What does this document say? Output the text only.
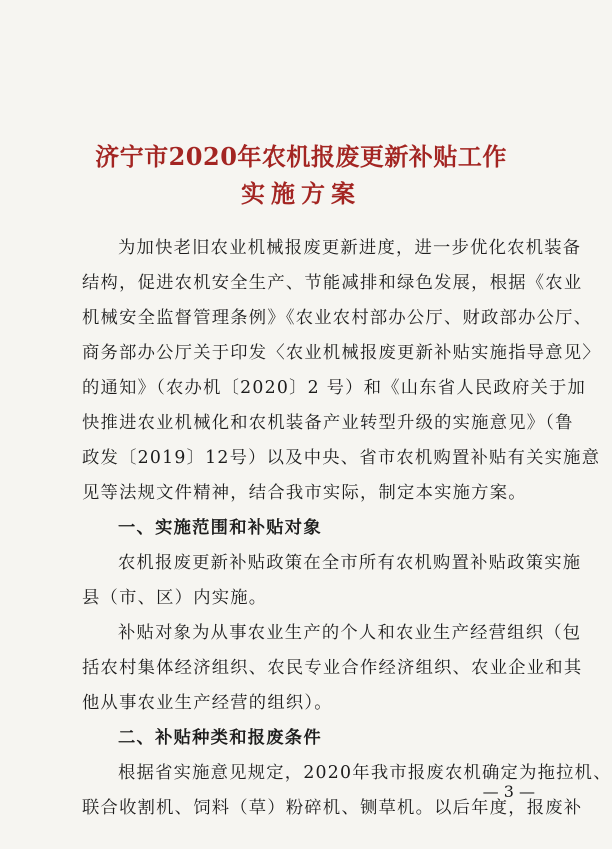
济宁市2020年农机报废更新补贴工作
实施方案
为加快老旧农业机械报废更新进度，进一步优化农机装备
结构，促进农机安全生产、节能减排和绿色发展，根据《农业
机械安全监督管理条例》《农业农村部办公厅、财政部办公厅、
商务部办公厅关于印发〈农业机械报废更新补贴实施指导意见〉
的通知》（农办机〔2020〕2 号）和《山东省人民政府关于加
快推进农业机械化和农机装备产业转型升级的实施意见》（鲁
政发〔2019〕12号）以及中央、省市农机购置补贴有关实施意
见等法规文件精神，结合我市实际，制定本实施方案。
一、实施范围和补贴对象
农机报废更新补贴政策在全市所有农机购置补贴政策实施
县（市、区）内实施。
补贴对象为从事农业生产的个人和农业生产经营组织（包
括农村集体经济组织、农民专业合作经济组织、农业企业和其
他从事农业生产经营的组织）。
二、补贴种类和报废条件
根据省实施意见规定，2020年我市报废农机确定为拖拉机、
联合收割机、饲料（草）粉碎机、铡草机。以后年度，报废补
— 3 —
